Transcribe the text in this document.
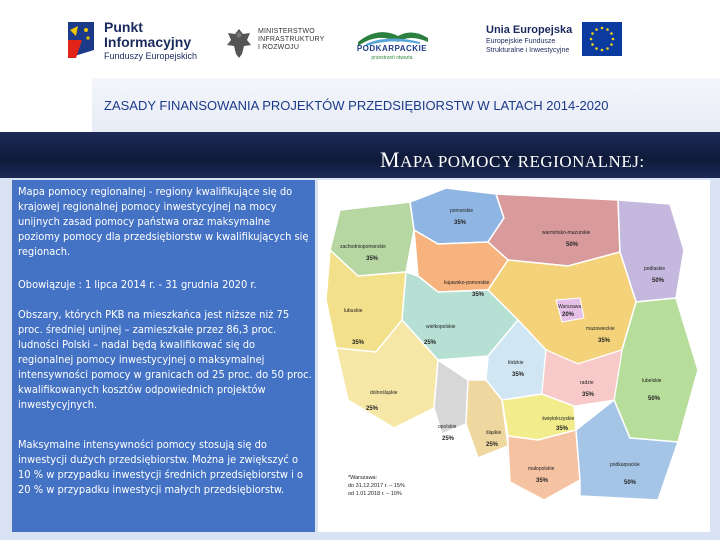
Punkt
Informacyjny
Funduszy Europejskich
MINISTERSTWO
INFRASTRUKTURY
I ROZWOJU	PODKARPACKIE
przestrzeń otwarta
Unia Europejska
Europejskie Fundusze
Strukturalne i Inwestycyjne
ZASADY FINANSOWANIA PROJEKTÓW PRZEDSIĘBIORSTW W LATACH 2014-2020
MAPA POMOCY REGIONALNEJ:
Mapa pomocy regionalnej - regiony kwalifikujące się do krajowej regionalnej pomocy inwestycyjnej na mocy unijnych zasad pomocy państwa oraz maksymalne poziomy pomocy dla przedsiębiorstw w kwalifikujących się regionach.
Obowiązuje : 1 lipca 2014 r. - 31 grudnia 2020 r.
Obszary, których PKB na mieszkańca jest niższe niż 75 proc. średniej unijnej – zamieszkałe przez 86,3 proc. ludności Polski – nadal będą kwalifikować się do regionalnej pomocy inwestycyjnej o maksymalnej intensywności pomocy w granicach od 25 proc. do 50 proc. kwalifikowanych kosztów odpowiednich projektów inwestycyjnych.
Maksymalne intensywności pomocy stosują się do inwestycji dużych przedsiębiorstw. Można je zwiększyć o 10 % w przypadku inwestycji średnich przedsiębiorstw i o 20 % w przypadku inwestycji małych przedsiębiorstw.
pomorskie
35%
warmińsko-mazurskie
50%
zachodniopomorskie
35%
podlaskie
50%
kujawsko-pomorskie
35%
mazowieckie
35%
Warszawa
20%
lubuskie
35%
wielkopolskie
25%
łódzkie
35%
lubelskie
50%
dolnośląskie
25%
radzie
35%
opolskie
25%
śląskie
25%
świętokrzyskie
35%
małopolskie
35%
podkarpackie
50%
*Warszawa:
do 31.12.2017 r. – 15%
od 1.01.2018 r. – 10%
